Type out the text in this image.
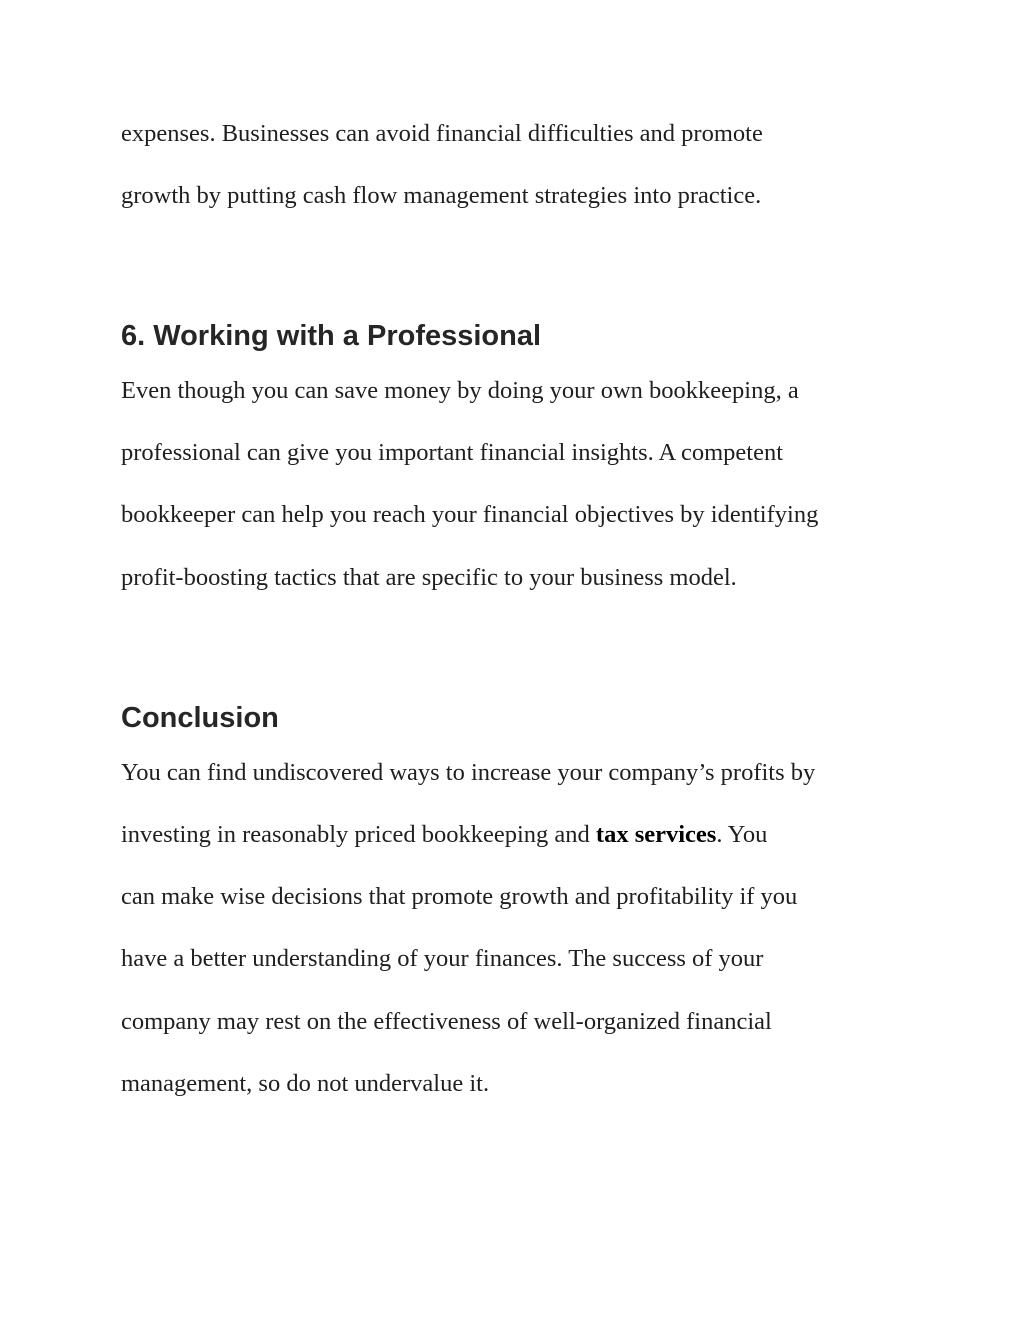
expenses. Businesses can avoid financial difficulties and promote
growth by putting cash flow management strategies into practice.
6. Working with a Professional
Even though you can save money by doing your own bookkeeping, a
professional can give you important financial insights. A competent
bookkeeper can help you reach your financial objectives by identifying
profit-boosting tactics that are specific to your business model.
Conclusion
You can find undiscovered ways to increase your company’s profits by
investing in reasonably priced bookkeeping and tax services. You
can make wise decisions that promote growth and profitability if you
have a better understanding of your finances. The success of your
company may rest on the effectiveness of well-organized financial
management, so do not undervalue it.
